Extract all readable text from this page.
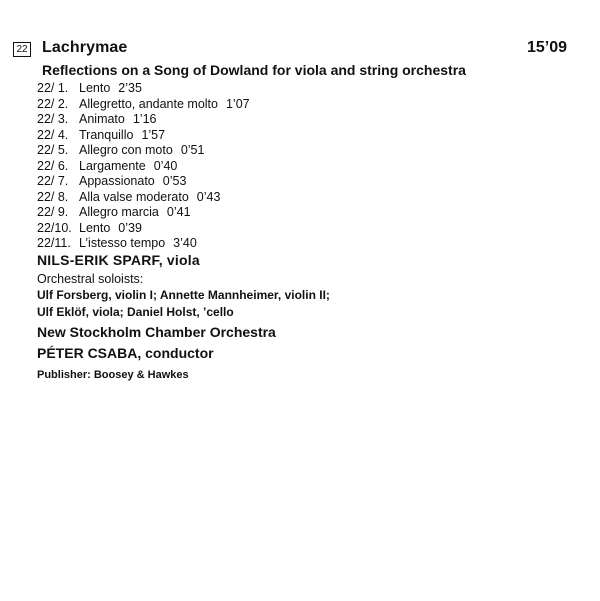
22 Lachrymae	15’09
Reflections on a Song of Dowland for viola and string orchestra
22/ 1. Lento 2’35
22/ 2. Allegretto, andante molto 1’07
22/ 3. Animato 1’16
22/ 4. Tranquillo 1’57
22/ 5. Allegro con moto 0’51
22/ 6. Largamente 0’40
22/ 7. Appassionato 0’53
22/ 8. Alla valse moderato 0’43
22/ 9. Allegro marcia 0’41
22/10. Lento 0’39
22/11. L’istesso tempo 3’40
NILS-ERIK SPARF, viola
Orchestral soloists:
Ulf Forsberg, violin I; Annette Mannheimer, violin II;
Ulf Eklöf, viola; Daniel Holst, ’cello
New Stockholm Chamber Orchestra
PÉTER CSABA, conductor
Publisher: Boosey & Hawkes
